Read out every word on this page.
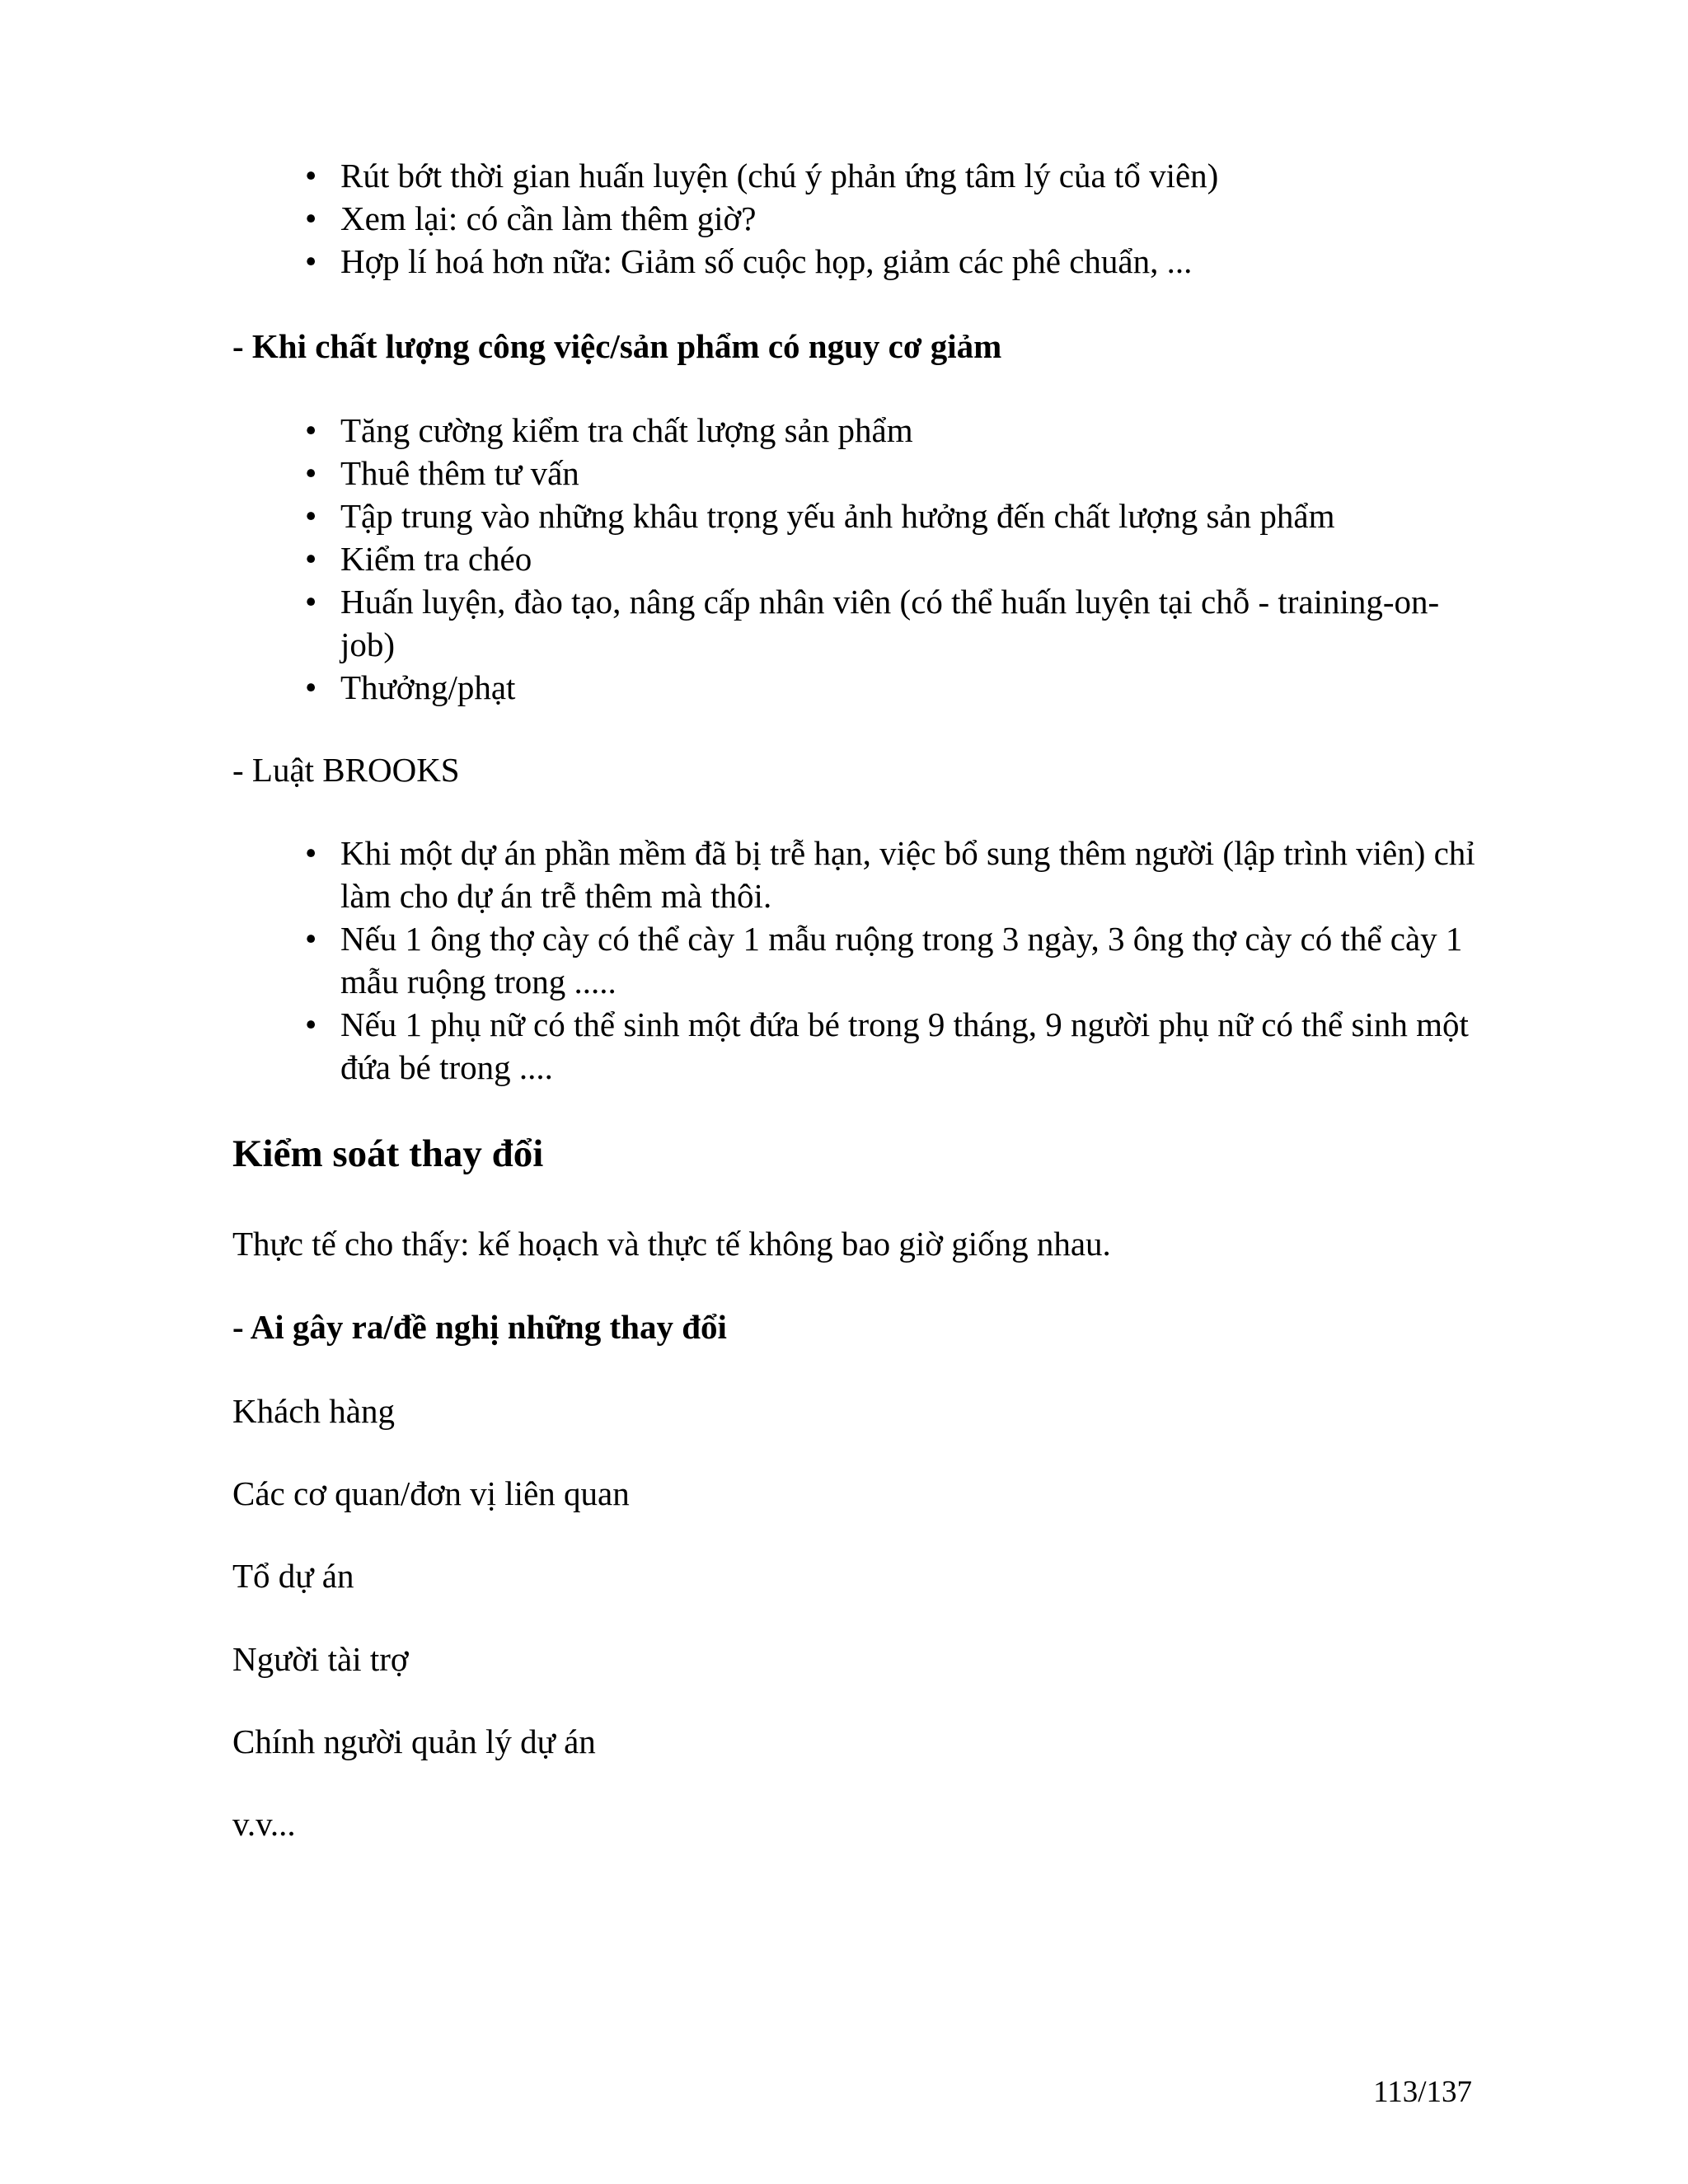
• Rút bớt thời gian huấn luyện (chú ý phản ứng tâm lý của tổ viên)
• Xem lại: có cần làm thêm giờ?
• Hợp lí hoá hơn nữa: Giảm số cuộc họp, giảm các phê chuẩn, ...

- Khi chất lượng công việc/sản phẩm có nguy cơ giảm

• Tăng cường kiểm tra chất lượng sản phẩm
• Thuê thêm tư vấn
• Tập trung vào những khâu trọng yếu ảnh hưởng đến chất lượng sản phẩm
• Kiểm tra chéo
• Huấn luyện, đào tạo, nâng cấp nhân viên (có thể huấn luyện tại chỗ - training-on-job)
• Thưởng/phạt

- Luật BROOKS

• Khi một dự án phần mềm đã bị trễ hạn, việc bổ sung thêm người (lập trình viên) chỉ làm cho dự án trễ thêm mà thôi.
• Nếu 1 ông thợ cày có thể cày 1 mẫu ruộng trong 3 ngày, 3 ông thợ cày có thể cày 1 mẫu ruộng trong .....
• Nếu 1 phụ nữ có thể sinh một đứa bé trong 9 tháng, 9 người phụ nữ có thể sinh một đứa bé trong ....
Kiểm soát thay đổi

Thực tế cho thấy: kế hoạch và thực tế không bao giờ giống nhau.

- Ai gây ra/đề nghị những thay đổi

Khách hàng

Các cơ quan/đơn vị liên quan

Tổ dự án

Người tài trợ

Chính người quản lý dự án

v.v...

113/137
